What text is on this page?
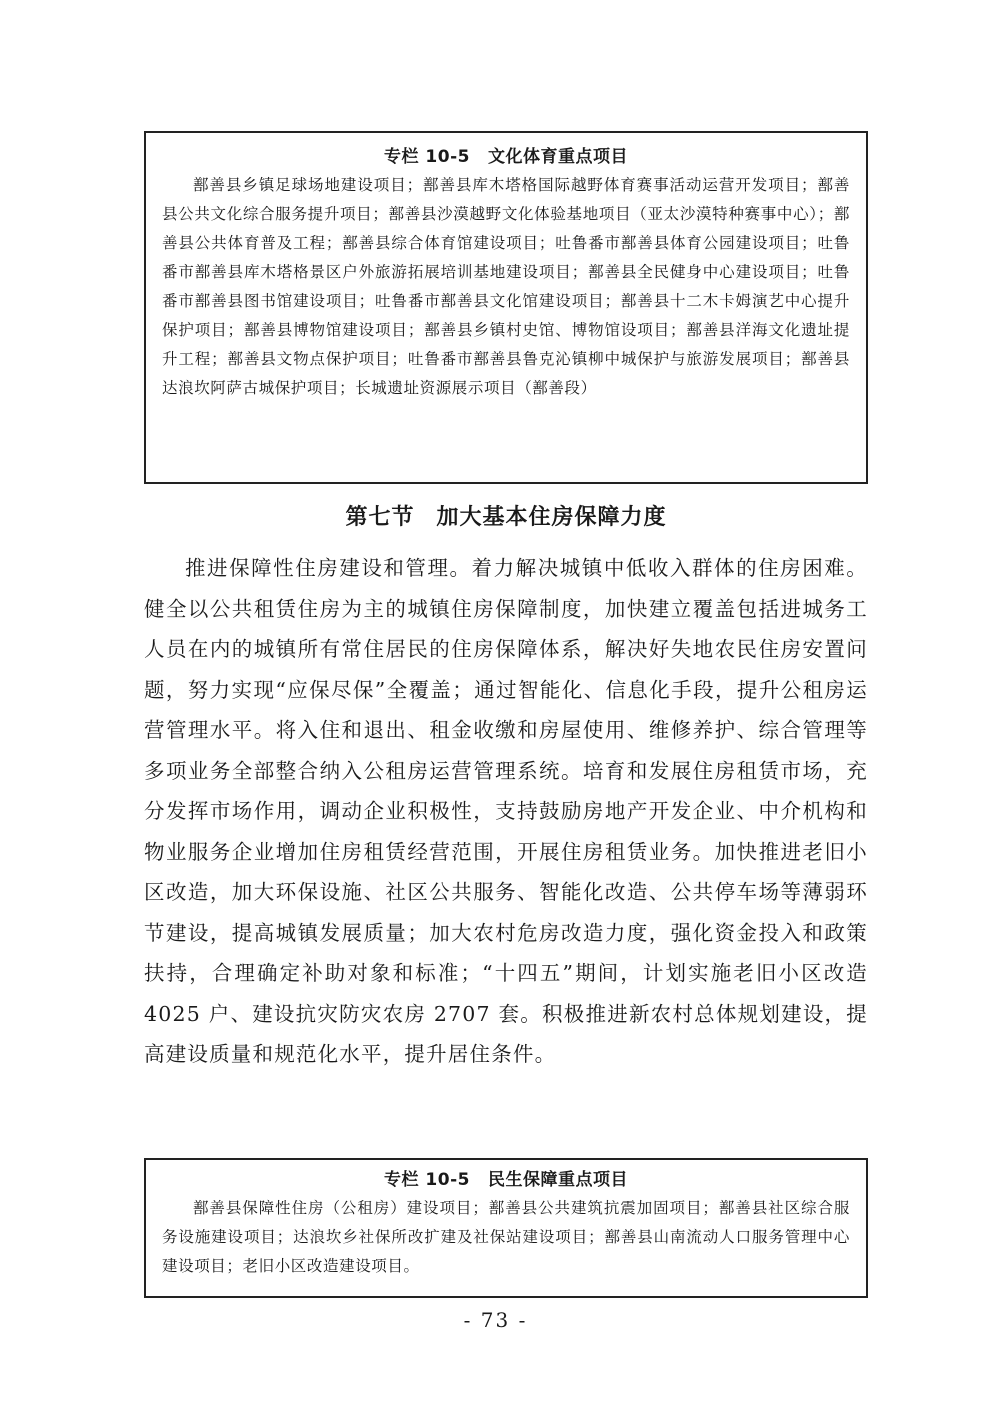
专栏 10-5 文化体育重点项目

鄯善县乡镇足球场地建设项目；鄯善县库木塔格国际越野体育赛事活动运营开发项目；鄯善县公共文化综合服务提升项目；鄯善县沙漠越野文化体验基地项目（亚太沙漠特种赛事中心）；鄯善县公共体育普及工程；鄯善县综合体育馆建设项目；吐鲁番市鄯善县体育公园建设项目；吐鲁番市鄯善县库木塔格景区户外旅游拓展培训基地建设项目；鄯善县全民健身中心建设项目；吐鲁番市鄯善县图书馆建设项目；吐鲁番市鄯善县文化馆建设项目；鄯善县十二木卡姆演艺中心提升保护项目；鄯善县博物馆建设项目；鄯善县乡镇村史馆、博物馆设项目；鄯善县洋海文化遗址提升工程；鄯善县文物点保护项目；吐鲁番市鄯善县鲁克沁镇柳中城保护与旅游发展项目；鄯善县达浪坎阿萨古城保护项目；长城遗址资源展示项目（鄯善段）

第七节 加大基本住房保障力度

推进保障性住房建设和管理。着力解决城镇中低收入群体的住房困难。健全以公共租赁住房为主的城镇住房保障制度，加快建立覆盖包括进城务工人员在内的城镇所有常住居民的住房保障体系，解决好失地农民住房安置问题，努力实现“应保尽保”全覆盖；通过智能化、信息化手段，提升公租房运营管理水平。将入住和退出、租金收缴和房屋使用、维修养护、综合管理等多项业务全部整合纳入公租房运营管理系统。培育和发展住房租赁市场，充分发挥市场作用，调动企业积极性，支持鼓励房地产开发企业、中介机构和物业服务企业增加住房租赁经营范围，开展住房租赁业务。加快推进老旧小区改造，加大环保设施、社区公共服务、智能化改造、公共停车场等薄弱环节建设，提高城镇发展质量；加大农村危房改造力度，强化资金投入和政策扶持，合理确定补助对象和标准；“十四五”期间，计划实施老旧小区改造 4025 户、建设抗灾防灾农房 2707 套。积极推进新农村总体规划建设，提高建设质量和规范化水平，提升居住条件。

专栏 10-5 民生保障重点项目

鄯善县保障性住房（公租房）建设项目；鄯善县公共建筑抗震加固项目；鄯善县社区综合服务设施建设项目；达浪坎乡社保所改扩建及社保站建设项目；鄯善县山南流动人口服务管理中心建设项目；老旧小区改造建设项目。

- 73 -
